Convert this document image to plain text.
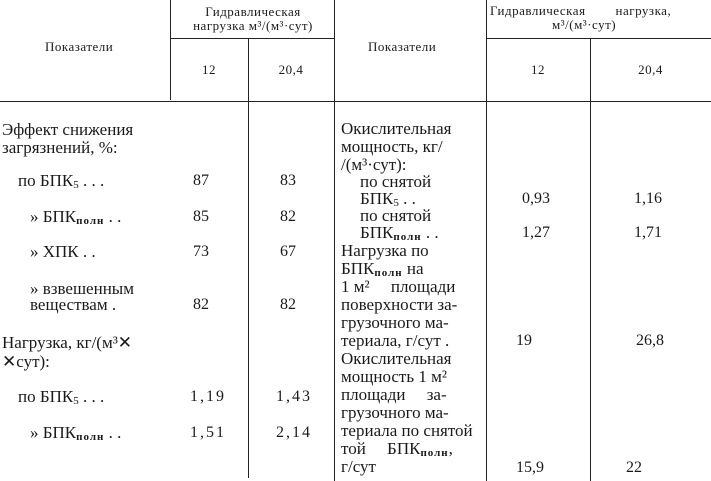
Показатели
Гидравлическая
нагрузка м³/(м³·сут)
12	20,4
Показатели
Гидравлическая        нагрузка,
м³/(м³·сут)
12	20,4
Эффект снижения
загрязнений, %:
по $БПК_5$ . . .	87	83
» БПКполн . .	85	82
» ХПК . .	73	67
» взвешенным
веществам .	82	82
Нагрузка, кг/(м³✕
✕сут):
по $БПК_5$ . . .	1,19	1,43
» БПКполн . .	1,51	2,14
Окислительная
мощность, кг/
/(м³·сут):
по снятой
$БПК_5$ . .	0,93	1,16
по снятой
БПКполн . .	1,27	1,71
Нагрузка по
БПКполн на
1 м²     площади
поверхности за-
грузочного ма-
териала, г/сут .	19	26,8
Окислительная
мощность 1 м²
площади     за-
грузочного ма-
териала по снятой
той     БПКполн,
г/сут	15,9	22
